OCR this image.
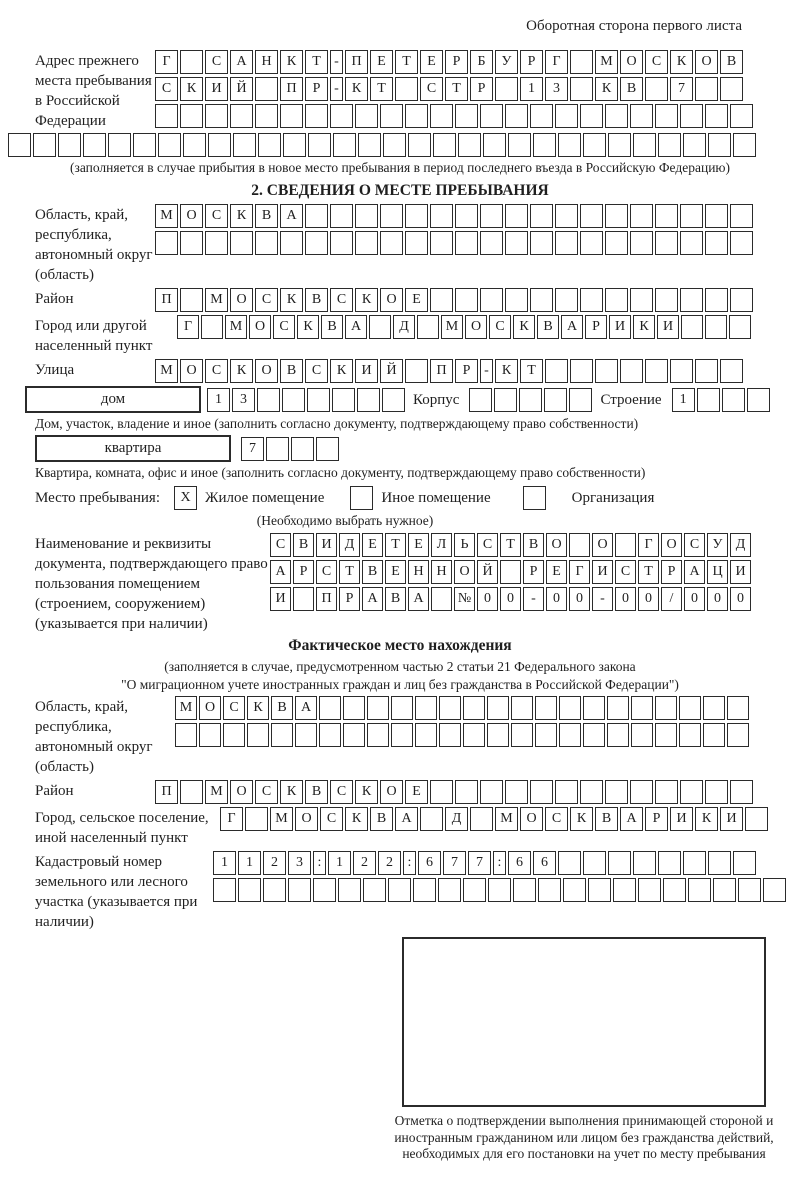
Оборотная сторона первого листа
Адрес прежнего места пребывания в Российской Федерации
Г	С	А	Н	К	Т - П	Е	Т	Е	Р	Б	У	Р	Г	М О	С	К	О	В
С	К	И	Й	П	Р - К	Т	С	Т	Р	1	3	К	В	7
(заполняется в случае прибытия в новое место пребывания в период последнего въезда в Российскую Федерацию)
2. СВЕДЕНИЯ О МЕСТЕ ПРЕБЫВАНИЯ
Область, край, республика, автономный округ (область)
М О	С	К	В	А
Район	П	М О	С	К	В	С	К	О	Е
Город или другой населенный пункт
Г	М О	С	К	В	А	Д	М О	С	К	В	А	Р	И	К	И
Улица	М О	С	К	О	В	С	К	И	Й	П	Р - К	Т
дом	1	3	Корпус	Строение	1
Дом, участок, владение и иное (заполнить согласно документу, подтверждающему право собственности)
квартира	7
Квартира, комната, офис и иное (заполнить согласно документу, подтверждающему право собственности)
Место пребывания:	X Жилое помещение	Иное помещение	Организация
(Необходимо выбрать нужное)
Наименование и реквизиты документа, подтверждающего право пользования помещением (строением, сооружением) (указывается при наличии)
С В И Д Е	Т	Е Л	Ь	С	Т	В О	О	Г О С У Д
А	Р	С	Т	В	Е Н Н О Й	Р	Е	Г И С	Т	Р	А Ц И
И	П	Р	А В А	№ 0	0	-	0	0	-	0	0	/	0	0	0
Фактическое место нахождения
(заполняется в случае, предусмотренном частью 2 статьи 21 Федерального закона
"О миграционном учете иностранных граждан и лиц без гражданства в Российской Федерации")
Область, край, республика, автономный округ (область)
М О	С	К	В	А
Район	П	М О	С	К	В	С	К	О	Е
Город, сельское поселение, иной населенный пункт
Г	М О	С	К	В	А	Д	М О	С	К	В	А	Р	И	К	И
Кадастровый номер земельного или лесного участка (указывается при наличии)
1	1	2	3	:	1	2	2	:	6	7	7	:	6	6
Отметка о подтверждении выполнения принимающей стороной и иностранным гражданином или лицом без гражданства действий, необходимых для его постановки на учет по месту пребывания
